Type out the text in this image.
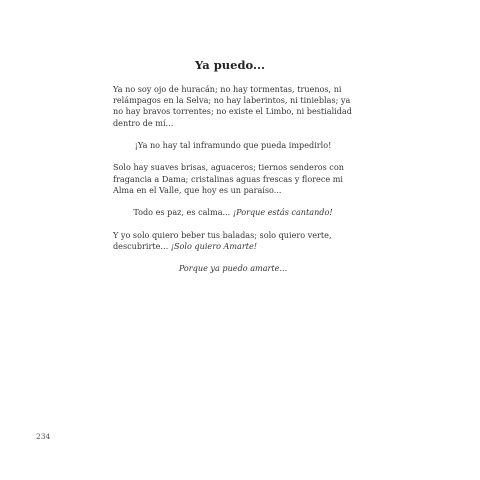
Ya puedo...

Ya no soy ojo de huracán; no hay tormentas, truenos, ni relámpagos en la Selva; no hay laberintos, ni tinieblas; ya no hay bravos torrentes; no existe el Limbo, ni bestialidad dentro de mí...

¡Ya no hay tal inframundo que pueda impedirlo!

Solo hay suaves brisas, aguaceros; tiernos senderos con fragancia a Dama; cristalinas aguas frescas y florece mi Alma en el Valle, que hoy es un paraíso...

Todo es paz, es calma... ¡Porque estás cantando!

Y yo solo quiero beber tus baladas; solo quiero verte, descubrirte... ¡Solo quiero Amarte!

Porque ya puedo amarte...

234
